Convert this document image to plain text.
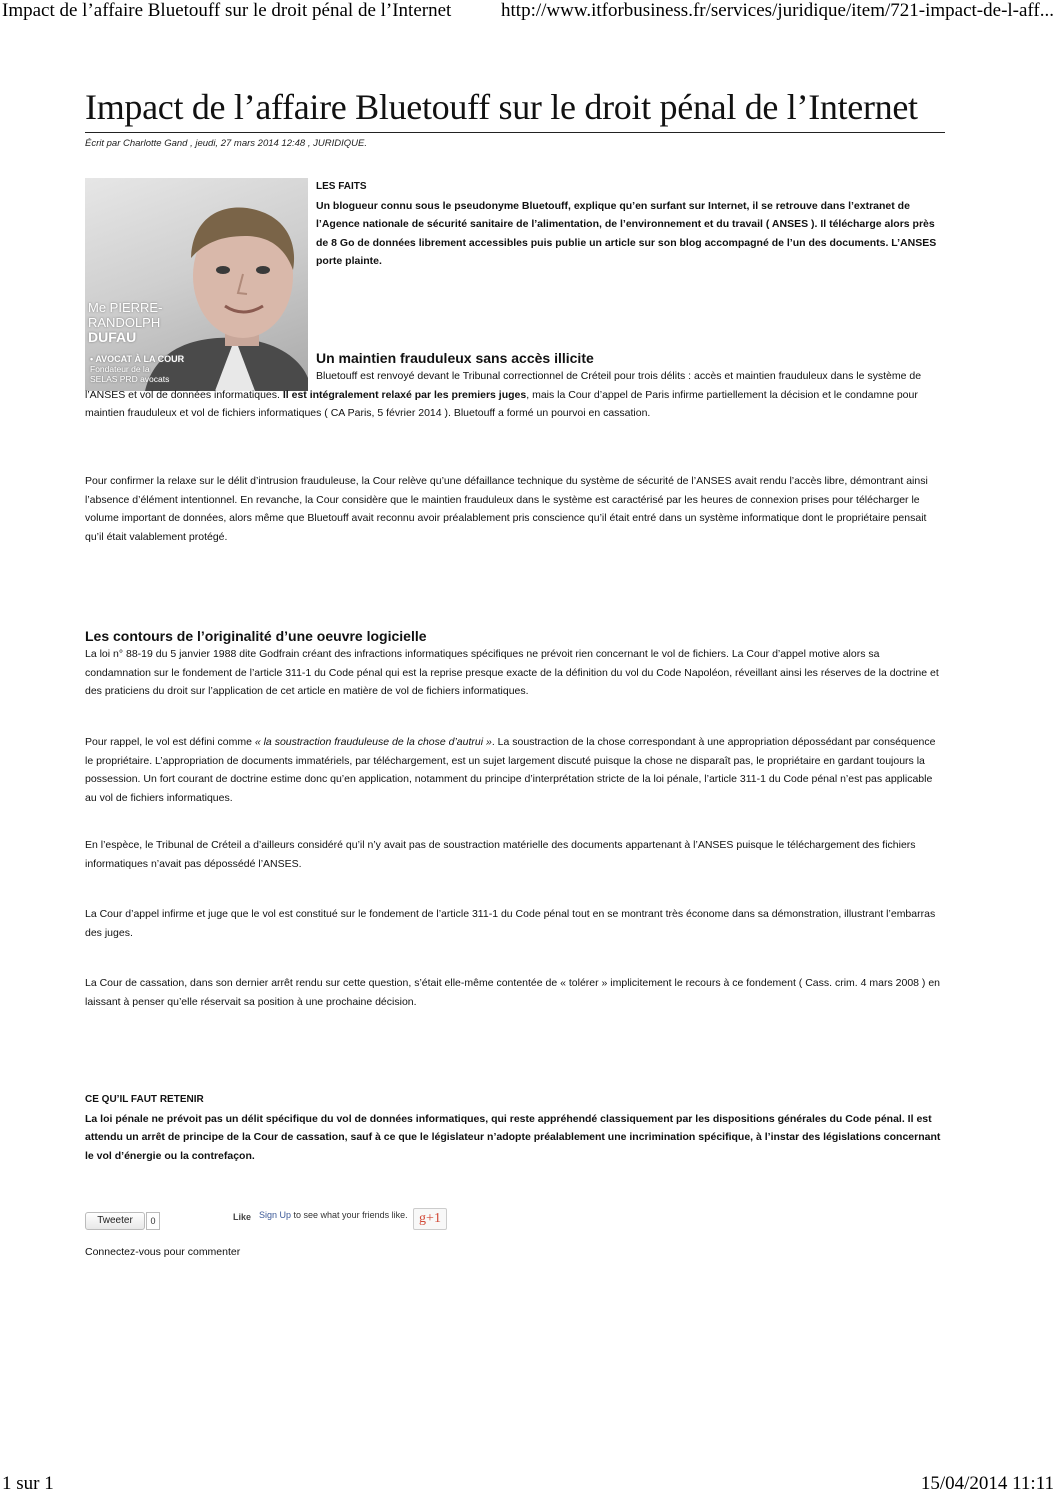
Impact de l’affaire Bluetouff sur le droit pénal de l’Internet	http://www.itforbusiness.fr/services/juridique/item/721-impact-de-l-aff...
Impact de l’affaire Bluetouff sur le droit pénal de l’Internet
Écrit par Charlotte Gand , jeudi, 27 mars 2014 12:48 , JURIDIQUE.
Me PIERRE-
RANDOLPH
DUFAU
• AVOCAT À LA COUR
Fondateur de la
SELAS PRD avocats
LES FAITS

Un blogueur connu sous le pseudonyme Bluetouff, explique qu’en surfant sur Internet, il se retrouve dans l’extranet de l’Agence nationale de sécurité sanitaire de l’alimentation, de l’environnement et du travail ( ANSES ). Il télécharge alors près de 8 Go de données librement accessibles puis publie un article sur son blog accompagné de l’un des documents. L’ANSES porte plainte.

Un maintien frauduleux sans accès illicite

Bluetouff est renvoyé devant le Tribunal correctionnel de Créteil pour trois délits : accès et maintien frauduleux dans le système de l’ANSES et vol de données informatiques. Il est intégralement relaxé par les premiers juges, mais la Cour d’appel de Paris infirme partiellement la décision et le condamne pour maintien frauduleux et vol de fichiers informatiques ( CA Paris, 5 février 2014 ). Bluetouff a formé un pourvoi en cassation.

Pour confirmer la relaxe sur le délit d’intrusion frauduleuse, la Cour relève qu’une défaillance technique du système de sécurité de l’ANSES avait rendu l’accès libre, démontrant ainsi l’absence d’élément intentionnel. En revanche, la Cour considère que le maintien frauduleux dans le système est caractérisé par les heures de connexion prises pour télécharger le volume important de données, alors même que Bluetouff avait reconnu avoir préalablement pris conscience qu’il était entré dans un système informatique dont le propriétaire pensait qu’il était valablement protégé.

Les contours de l’originalité d’une oeuvre logicielle

La loi n° 88-19 du 5 janvier 1988 dite Godfrain créant des infractions informatiques spécifiques ne prévoit rien concernant le vol de fichiers. La Cour d’appel motive alors sa condamnation sur le fondement de l’article 311-1 du Code pénal qui est la reprise presque exacte de la définition du vol du Code Napoléon, réveillant ainsi les réserves de la doctrine et des praticiens du droit sur l’application de cet article en matière de vol de fichiers informatiques.

Pour rappel, le vol est défini comme « la soustraction frauduleuse de la chose d’autrui ». La soustraction de la chose correspondant à une appropriation dépossédant par conséquence le propriétaire. L’appropriation de documents immatériels, par téléchargement, est un sujet largement discuté puisque la chose ne disparaît pas, le propriétaire en gardant toujours la possession. Un fort courant de doctrine estime donc qu’en application, notamment du principe d’interprétation stricte de la loi pénale, l’article 311-1 du Code pénal n’est pas applicable au vol de fichiers informatiques.

En l’espèce, le Tribunal de Créteil a d’ailleurs considéré qu’il n’y avait pas de soustraction matérielle des documents appartenant à l’ANSES puisque le téléchargement des fichiers informatiques n’avait pas dépossédé l’ANSES.

La Cour d’appel infirme et juge que le vol est constitué sur le fondement de l’article 311-1 du Code pénal tout en se montrant très économe dans sa démonstration, illustrant l’embarras des juges.

La Cour de cassation, dans son dernier arrêt rendu sur cette question, s’était elle-même contentée de « tolérer » implicitement le recours à ce fondement ( Cass. crim. 4 mars 2008 ) en laissant à penser qu’elle réservait sa position à une prochaine décision.

CE QU’IL FAUT RETENIR

La loi pénale ne prévoit pas un délit spécifique du vol de données informatiques, qui reste appréhendé classiquement par les dispositions générales du Code pénal. Il est attendu un arrêt de principe de la Cour de cassation, sauf à ce que le législateur n’adopte préalablement une incrimination spécifique, à l’instar des législations concernant le vol d’énergie ou la contrefaçon.

Tweeter	0	Like Sign Up to see what your friends like. g+1
Connectez-vous pour commenter
1 sur 1	15/04/2014 11:11
